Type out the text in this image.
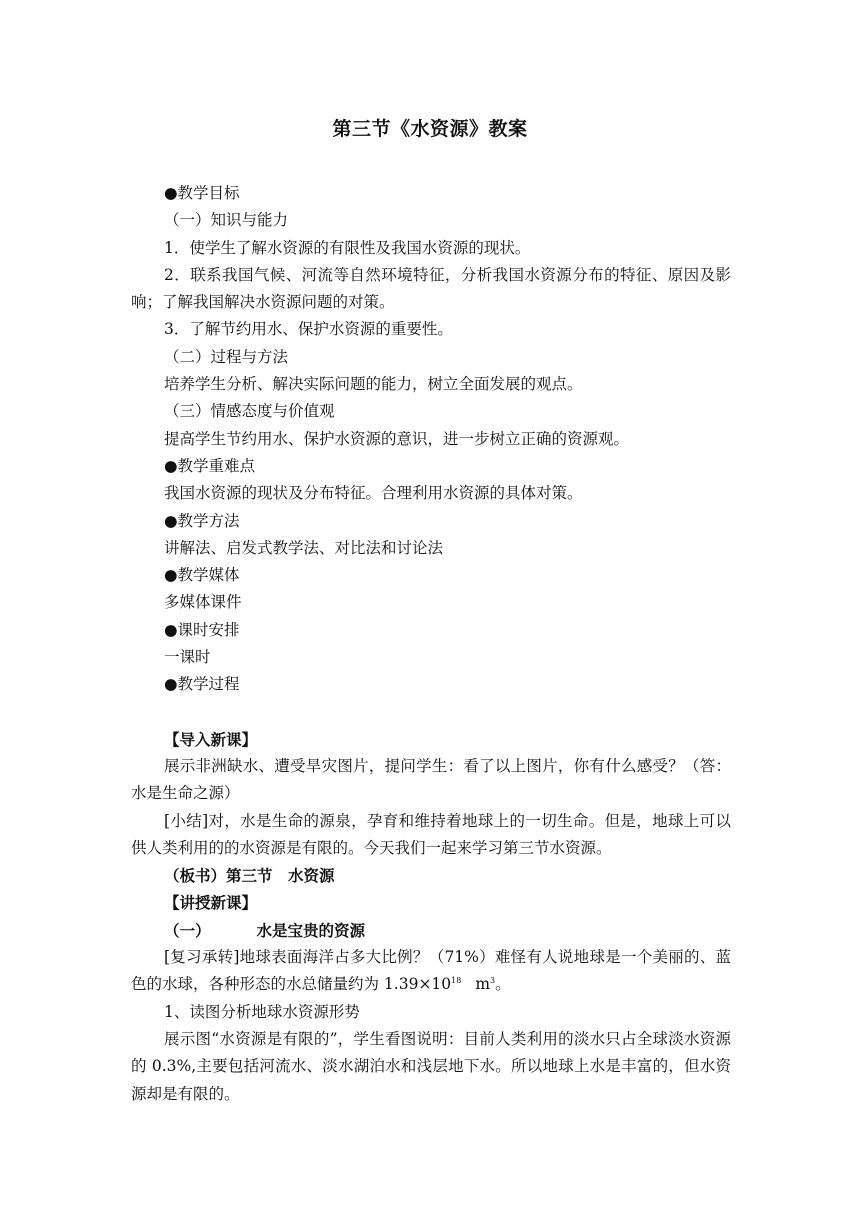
第三节《水资源》教案
●教学目标
（一）知识与能力
1．使学生了解水资源的有限性及我国水资源的现状。
2．联系我国气候、河流等自然环境特征，分析我国水资源分布的特征、原因及影响；了解我国解决水资源问题的对策。
3．了解节约用水、保护水资源的重要性。
（二）过程与方法
培养学生分析、解决实际问题的能力，树立全面发展的观点。
（三）情感态度与价值观
提高学生节约用水、保护水资源的意识，进一步树立正确的资源观。
●教学重难点
我国水资源的现状及分布特征。合理利用水资源的具体对策。
●教学方法
讲解法、启发式教学法、对比法和讨论法
●教学媒体
多媒体课件
●课时安排
一课时
●教学过程
【导入新课】
展示非洲缺水、遭受旱灾图片，提问学生：看了以上图片，你有什么感受？（答：水是生命之源）
[小结]对，水是生命的源泉，孕育和维持着地球上的一切生命。但是，地球上可以供人类利用的的水资源是有限的。今天我们一起来学习第三节水资源。
（板书）第三节　水资源
【讲授新课】
（一）	水是宝贵的资源
[复习承转]地球表面海洋占多大比例？（71%）难怪有人说地球是一个美丽的、蓝色的水球，各种形态的水总储量约为 $1.39\times 10^{18}$ $m^3$。
1、读图分析地球水资源形势
展示图“水资源是有限的”，学生看图说明：目前人类利用的淡水只占全球淡水资源的 0.3%,主要包括河流水、淡水湖泊水和浅层地下水。所以地球上水是丰富的，但水资源却是有限的。
